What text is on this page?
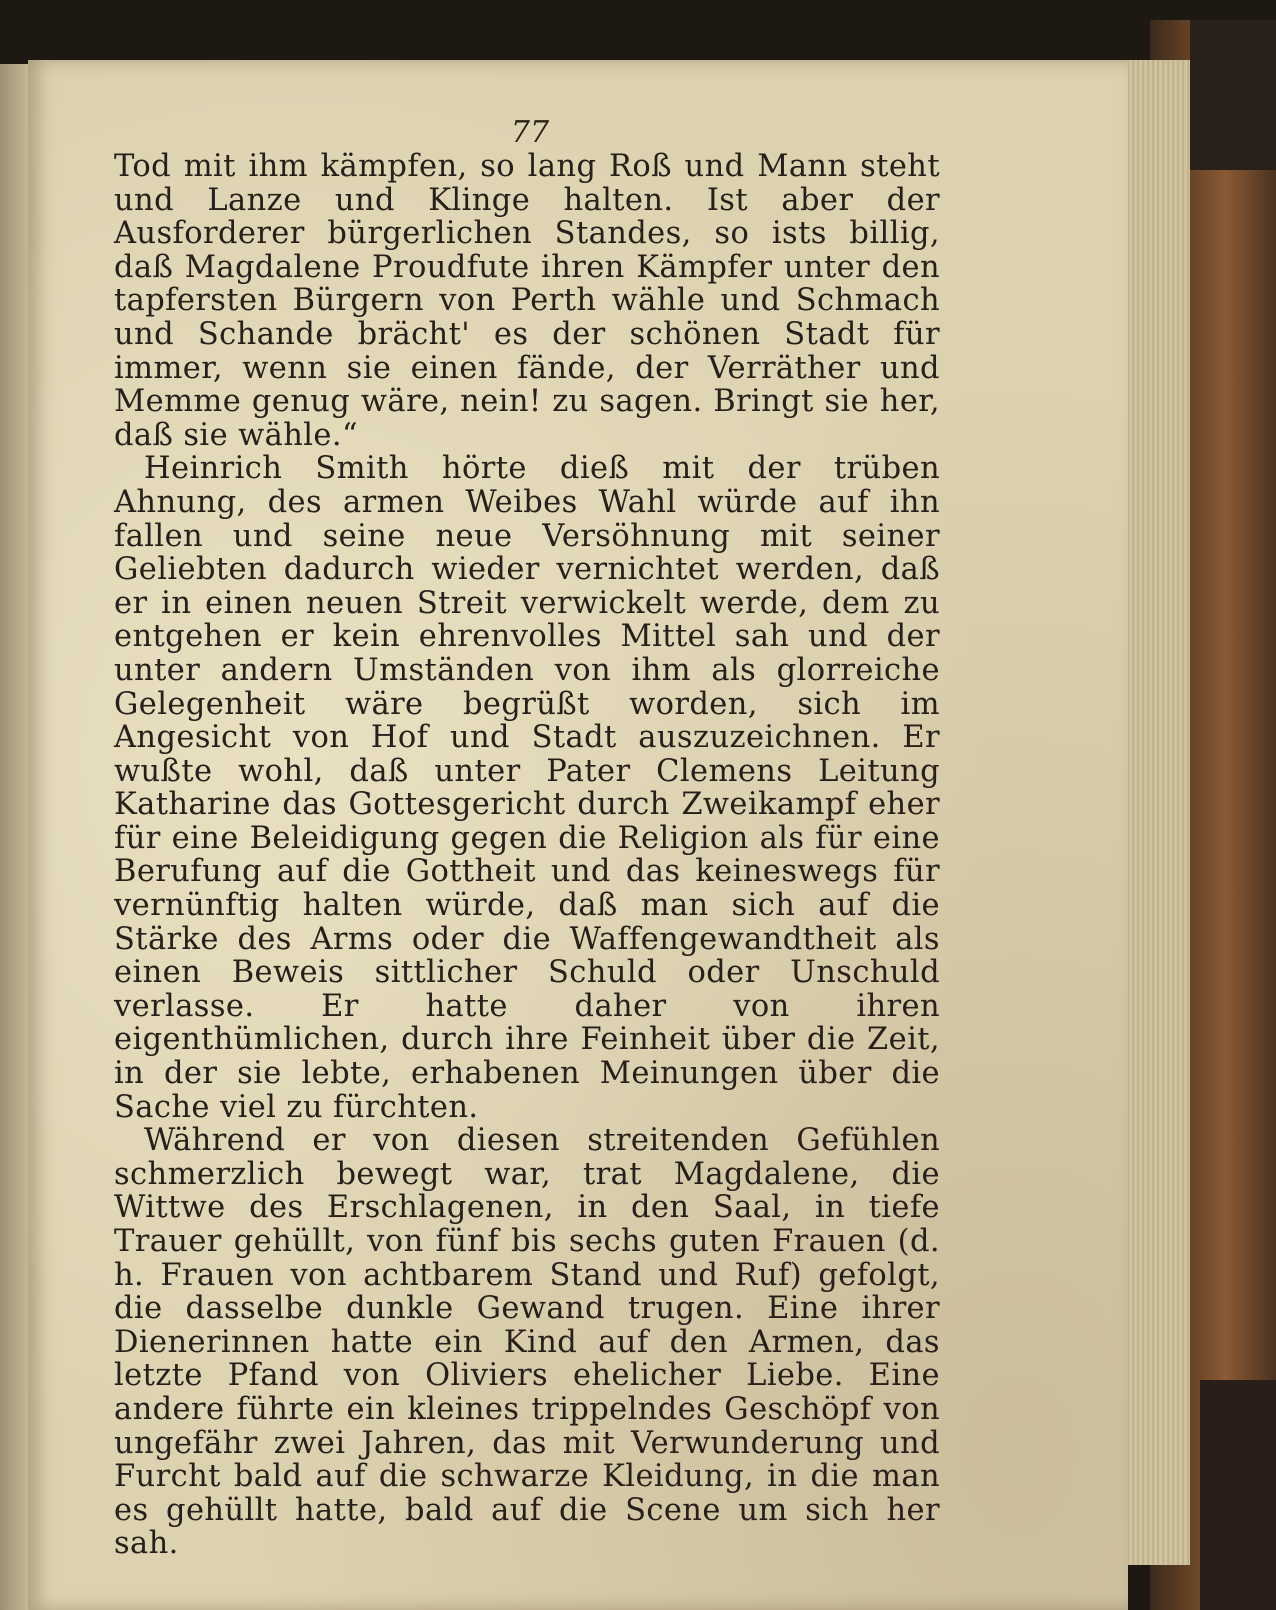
77

Tod mit ihm kämpfen, so lang Roß und Mann steht und Lanze und Klinge halten. Ist aber der Ausforderer bürgerlichen Standes, so ists billig, daß Magdalene Proudfute ihren Kämpfer unter den tapfersten Bürgern von Perth wähle und Schmach und Schande brächt' es der schönen Stadt für immer, wenn sie einen fände, der Verräther und Memme genug wäre, nein! zu sagen. Bringt sie her, daß sie wähle.“

Heinrich Smith hörte dieß mit der trüben Ahnung, des armen Weibes Wahl würde auf ihn fallen und seine neue Versöhnung mit seiner Geliebten dadurch wieder vernichtet werden, daß er in einen neuen Streit verwickelt werde, dem zu entgehen er kein ehrenvolles Mittel sah und der unter andern Umständen von ihm als glorreiche Gelegenheit wäre begrüßt worden, sich im Angesicht von Hof und Stadt auszuzeichnen. Er wußte wohl, daß unter Pater Clemens Leitung Katharine das Gottesgericht durch Zweikampf eher für eine Beleidigung gegen die Religion als für eine Berufung auf die Gottheit und das keineswegs für vernünftig halten würde, daß man sich auf die Stärke des Arms oder die Waffengewandtheit als einen Beweis sittlicher Schuld oder Unschuld verlasse. Er hatte daher von ihren eigenthümlichen, durch ihre Feinheit über die Zeit, in der sie lebte, erhabenen Meinungen über die Sache viel zu fürchten.

Während er von diesen streitenden Gefühlen schmerzlich bewegt war, trat Magdalene, die Wittwe des Erschlagenen, in den Saal, in tiefe Trauer gehüllt, von fünf bis sechs guten Frauen (d. h. Frauen von achtbarem Stand und Ruf) gefolgt, die dasselbe dunkle Gewand trugen. Eine ihrer Dienerinnen hatte ein Kind auf den Armen, das letzte Pfand von Oliviers ehelicher Liebe. Eine andere führte ein kleines trippelndes Geschöpf von ungefähr zwei Jahren, das mit Verwunderung und Furcht bald auf die schwarze Kleidung, in die man es gehüllt hatte, bald auf die Scene um sich her sah.
